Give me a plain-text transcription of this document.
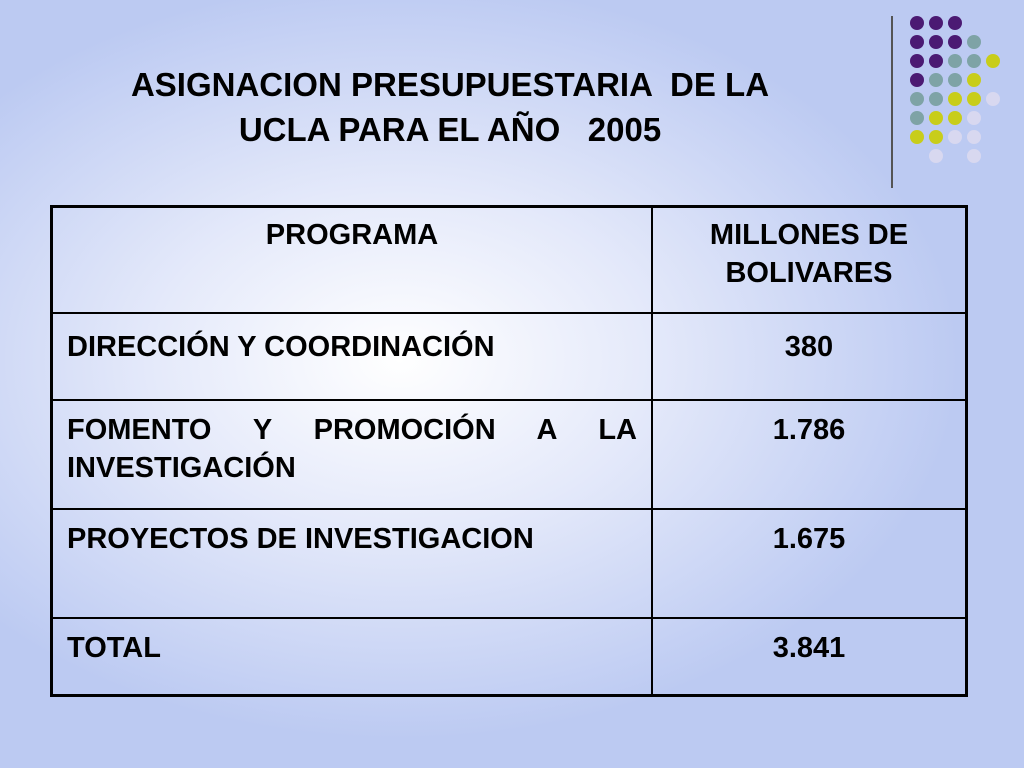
ASIGNACION PRESUPUESTARIA  DE LA
UCLA PARA EL AÑO   2005
PROGRAMA	MILLONES DE BOLIVARES
DIRECCIÓN Y COORDINACIÓN	380
FOMENTO Y PROMOCIÓN A LA INVESTIGACIÓN	1.786
PROYECTOS DE INVESTIGACION	1.675
TOTAL	3.841
